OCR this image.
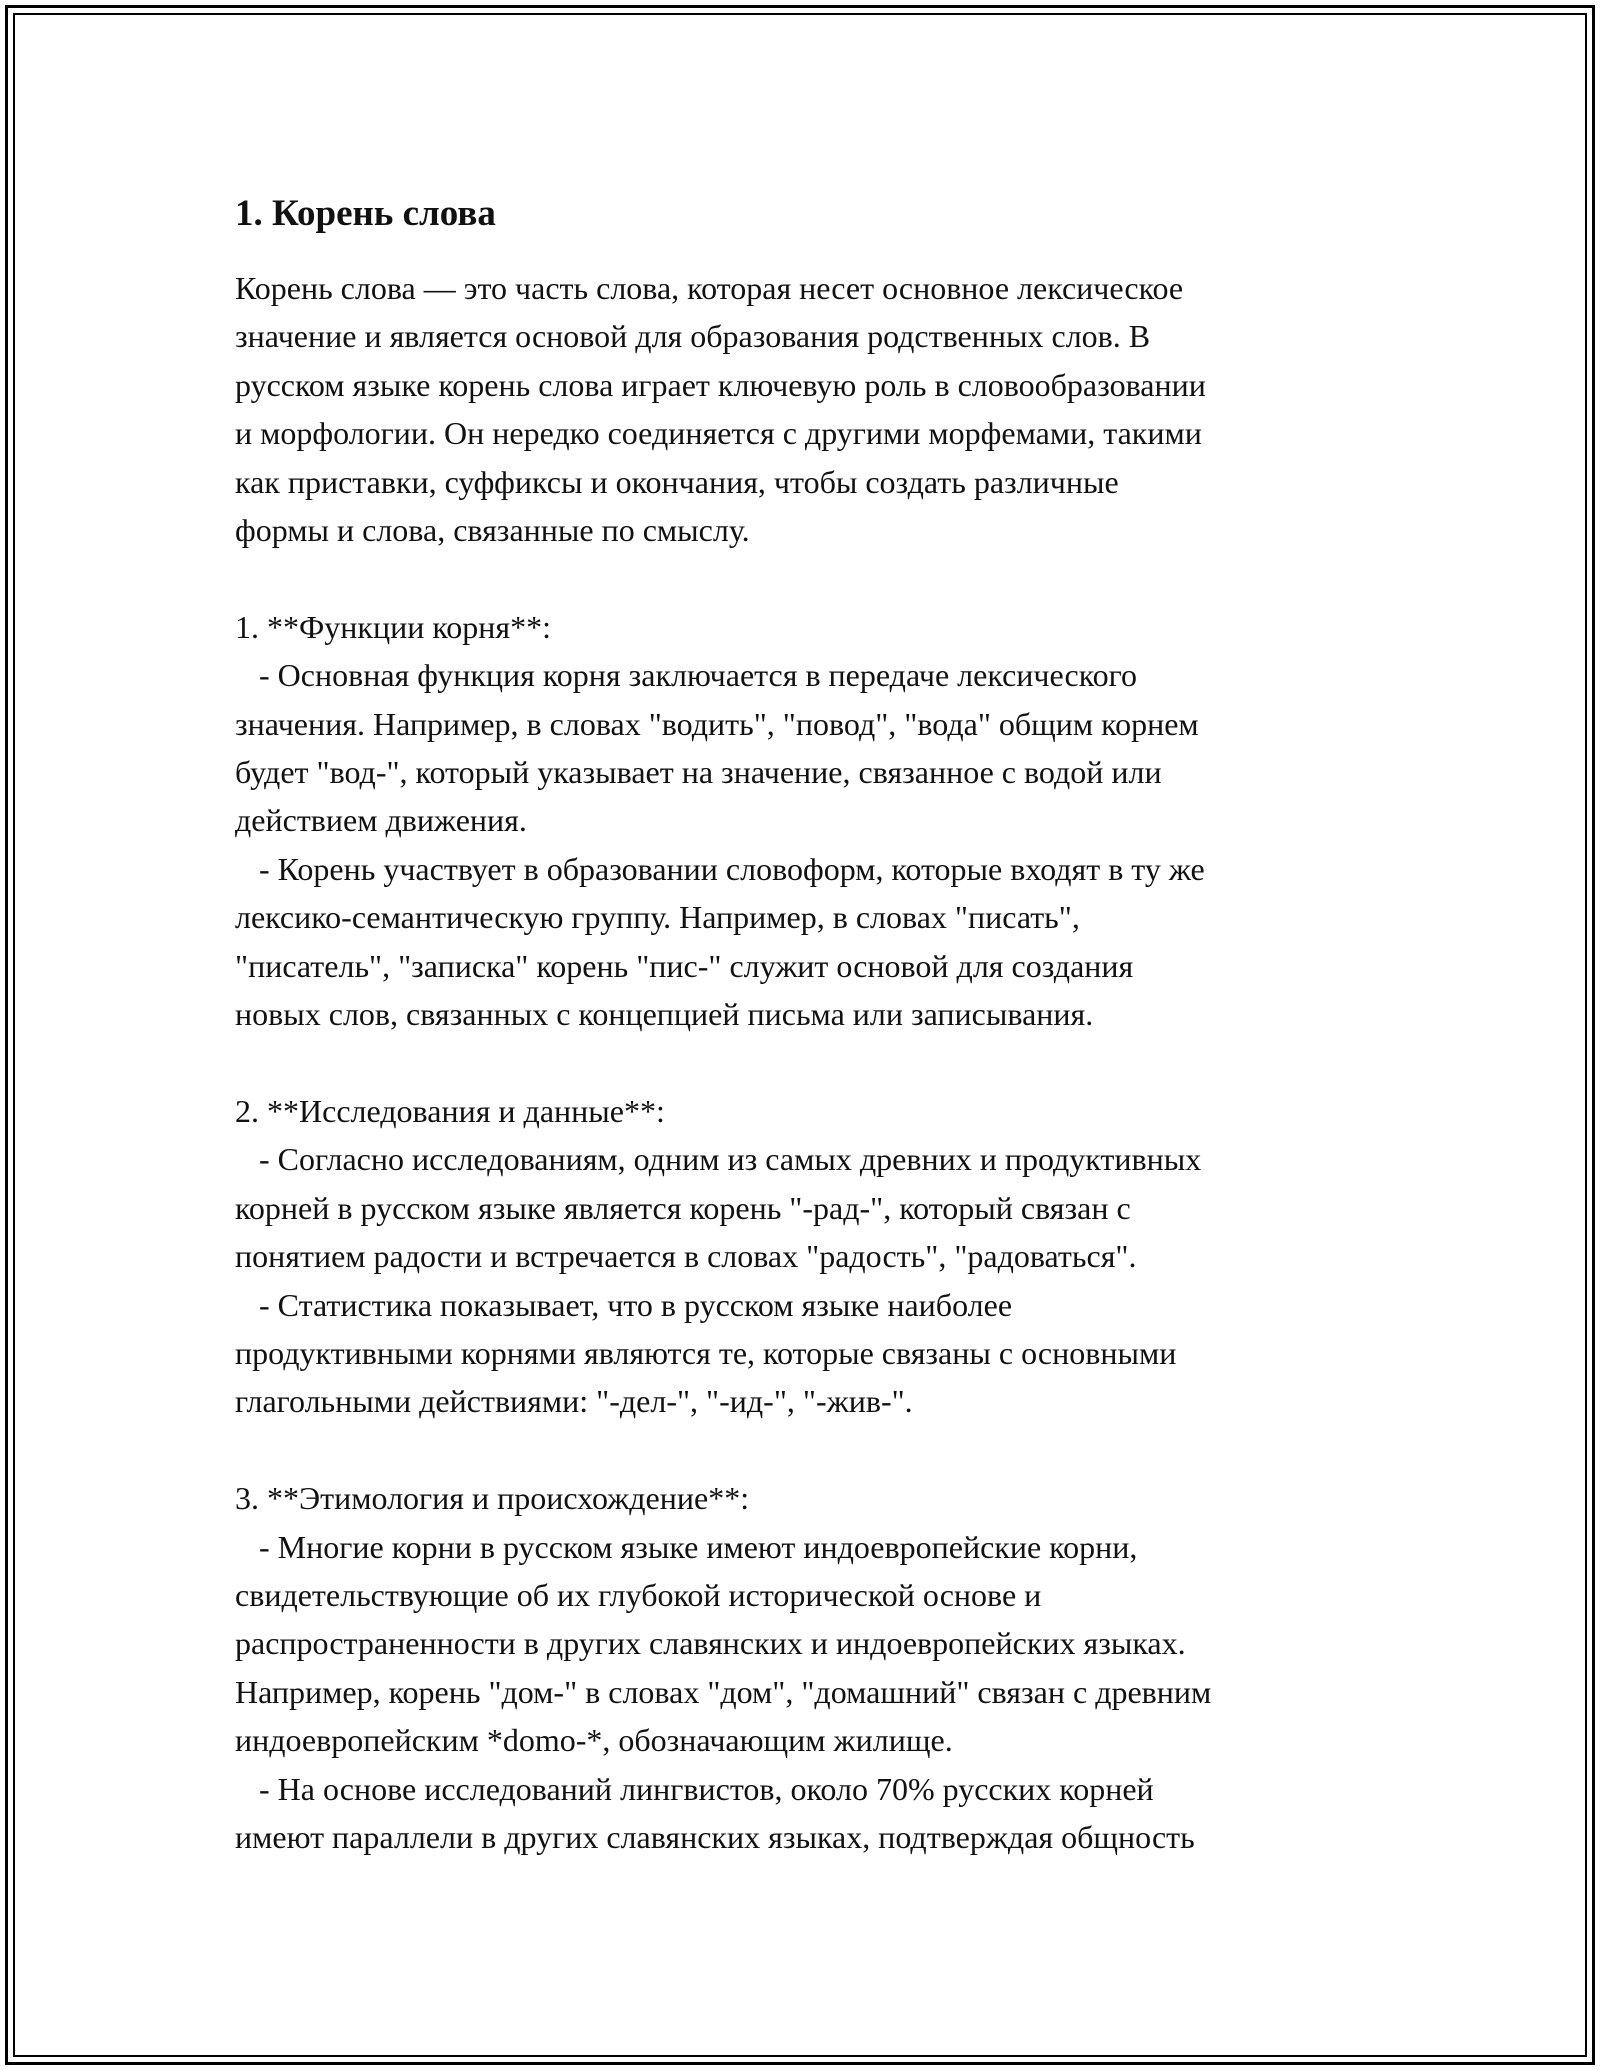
1. Корень слова

Корень слова — это часть слова, которая несет основное лексическое
значение и является основой для образования родственных слов. В
русском языке корень слова играет ключевую роль в словообразовании
и морфологии. Он нередко соединяется с другими морфемами, такими
как приставки, суффиксы и окончания, чтобы создать различные
формы и слова, связанные по смыслу.

1. **Функции корня**:
- Основная функция корня заключается в передаче лексического
значения. Например, в словах "водить", "повод", "вода" общим корнем
будет "вод-", который указывает на значение, связанное с водой или
действием движения.
- Корень участвует в образовании словоформ, которые входят в ту же
лексико-семантическую группу. Например, в словах "писать",
"писатель", "записка" корень "пис-" служит основой для создания
новых слов, связанных с концепцией письма или записывания.

2. **Исследования и данные**:
- Согласно исследованиям, одним из самых древних и продуктивных
корней в русском языке является корень "-рад-", который связан с
понятием радости и встречается в словах "радость", "радоваться".
- Статистика показывает, что в русском языке наиболее
продуктивными корнями являются те, которые связаны с основными
глагольными действиями: "-дел-", "-ид-", "-жив-".

3. **Этимология и происхождение**:
- Многие корни в русском языке имеют индоевропейские корни,
свидетельствующие об их глубокой исторической основе и
распространенности в других славянских и индоевропейских языках.
Например, корень "дом-" в словах "дом", "домашний" связан с древним
индоевропейским *domo-*, обозначающим жилище.
- На основе исследований лингвистов, около 70% русских корней
имеют параллели в других славянских языках, подтверждая общность
